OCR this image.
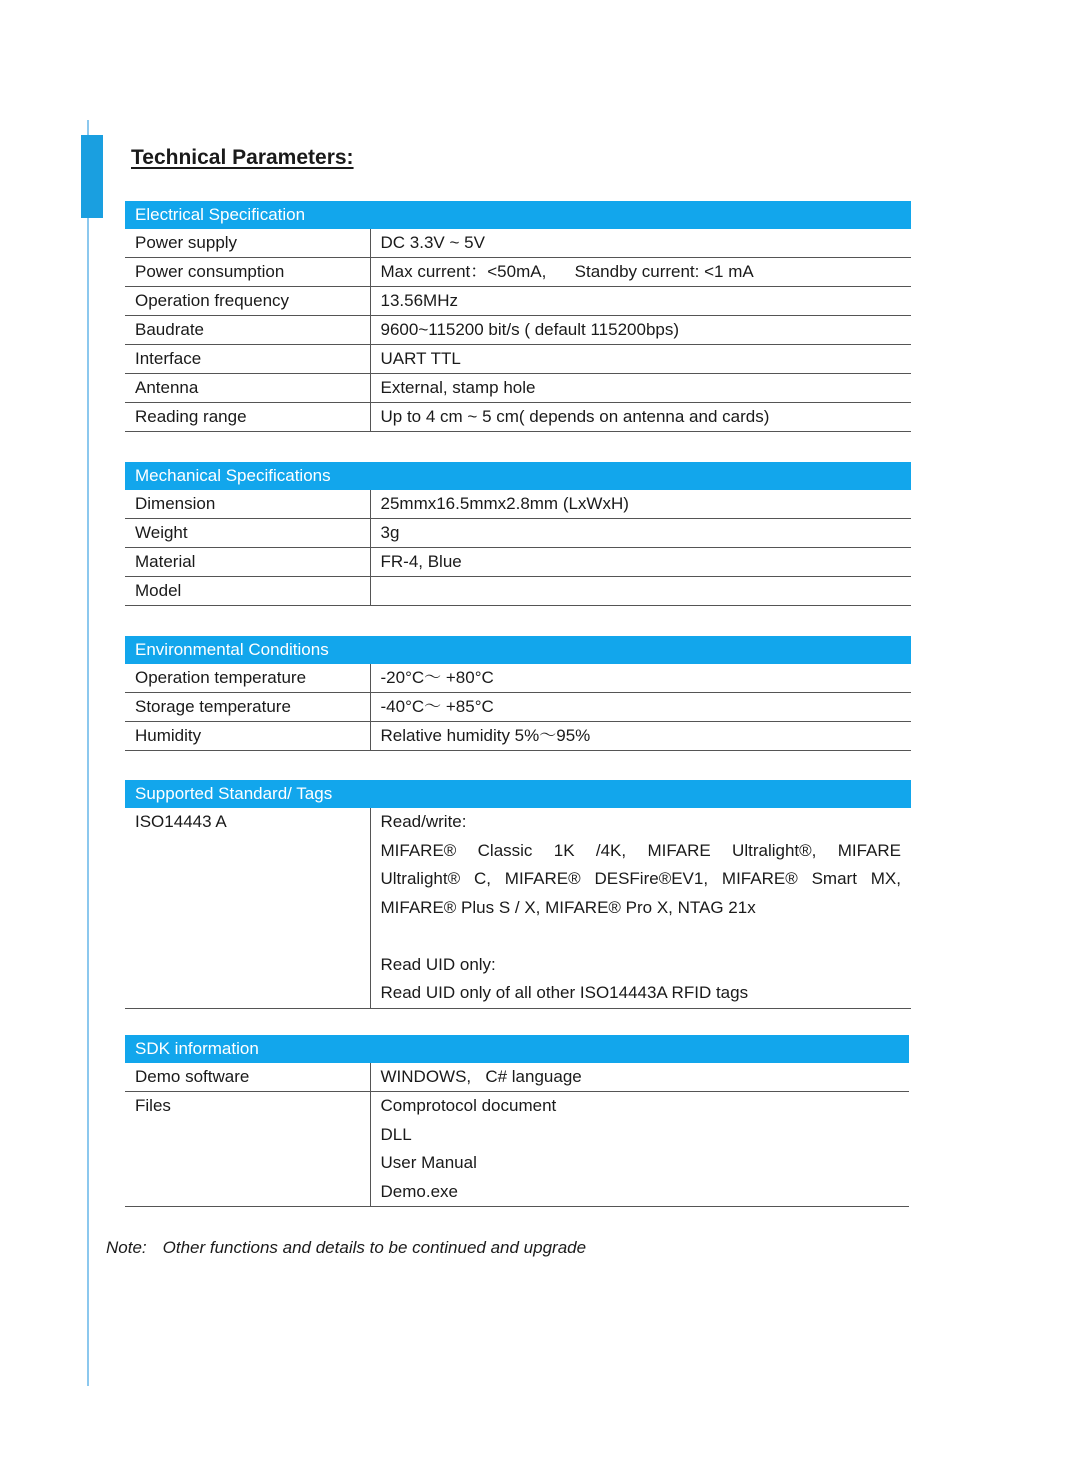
Technical Parameters:
Electrical Specification
Power supply	DC 3.3V ~ 5V
Power consumption	Max current：<50mA,      Standby current: <1 mA
Operation frequency	13.56MHz
Baudrate	9600~115200 bit/s ( default 115200bps)
Interface	UART TTL
Antenna	External, stamp hole
Reading range	Up to 4 cm ~ 5 cm( depends on antenna and cards)
Mechanical Specifications
Dimension	25mmx16.5mmx2.8mm (LxWxH)
Weight	3g
Material	FR-4, Blue
Model	
Environmental Conditions
Operation temperature	-20°C～ +80°C
Storage temperature	-40°C～ +85°C
Humidity	Relative humidity 5%～95%
Supported Standard/ Tags
ISO14443 A	Read/write:
MIFARE® Classic 1K /4K, MIFARE Ultralight®, MIFARE
Ultralight® C, MIFARE® DESFire®EV1, MIFARE® Smart MX,
MIFARE® Plus S / X, MIFARE® Pro X, NTAG 21x
Read UID only:
Read UID only of all other ISO14443A RFID tags
SDK information
Demo software	WINDOWS,   C# language
Files	Comprotocol document
DLL
User Manual
Demo.exe
Note: Other functions and details to be continued and upgrade
